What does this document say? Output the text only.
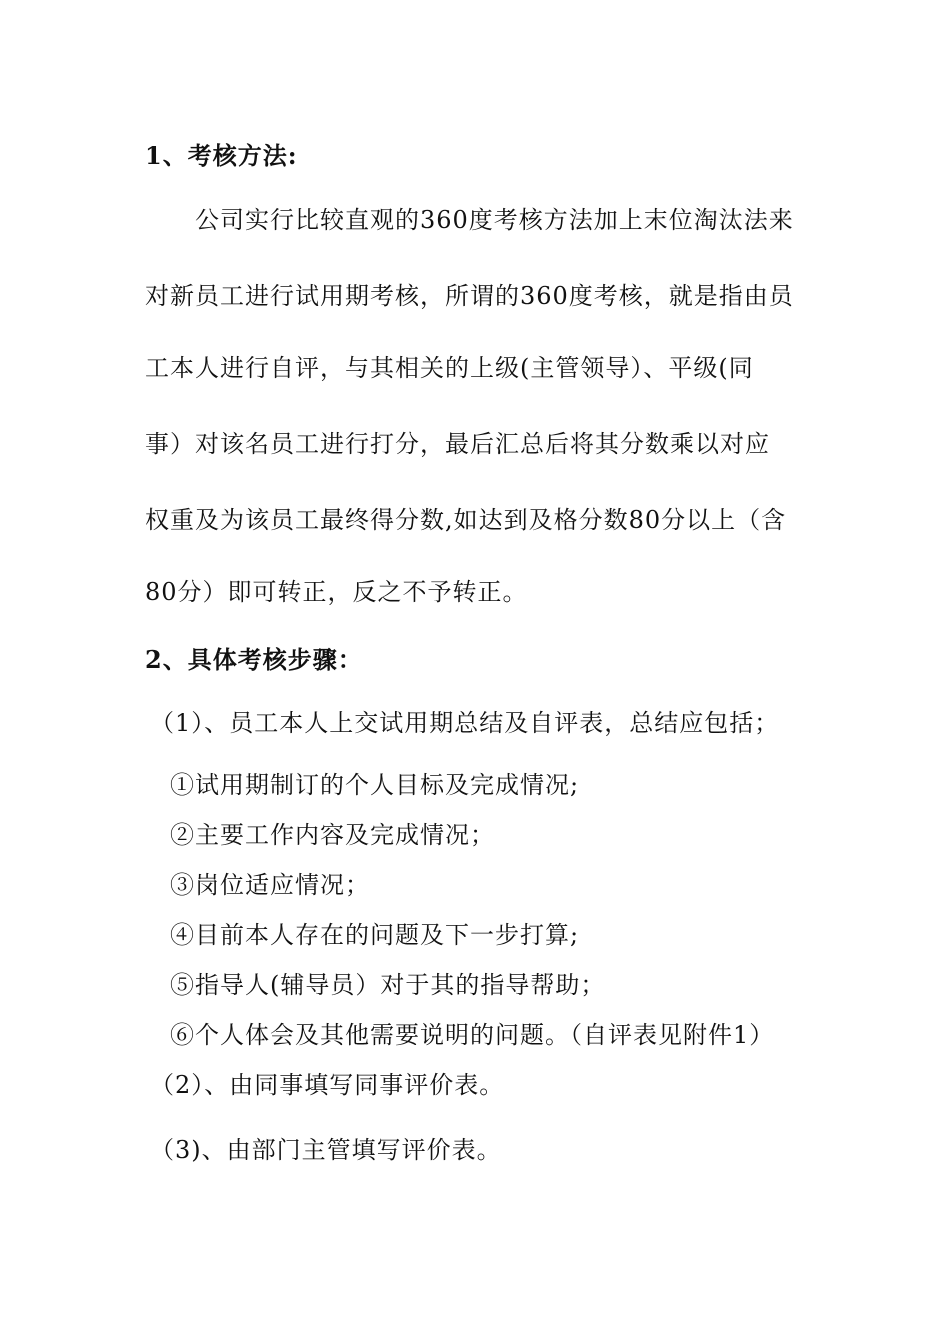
1、考核方法:
公司实行比较直观的360度考核方法加上末位淘汰法来
对新员工进行试用期考核，所谓的360度考核，就是指由员
工本人进行自评，与其相关的上级(主管领导）、平级(同
事）对该名员工进行打分，最后汇总后将其分数乘以对应
权重及为该员工最终得分数,如达到及格分数80分以上（含
80分）即可转正，反之不予转正。
2、具体考核步骤：
（1）、员工本人上交试用期总结及自评表，总结应包括；
①试用期制订的个人目标及完成情况;
②主要工作内容及完成情况；
③岗位适应情况；
④目前本人存在的问题及下一步打算;
⑤指导人(辅导员）对于其的指导帮助；
⑥个人体会及其他需要说明的问题。（自评表见附件1）
（2）、由同事填写同事评价表。
（3)、由部门主管填写评价表。
